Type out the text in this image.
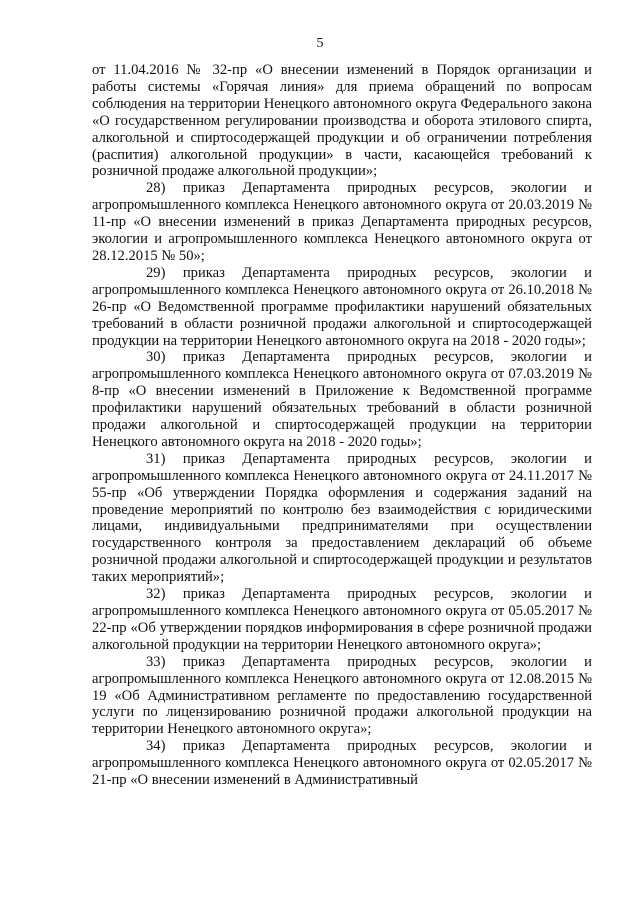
5

от 11.04.2016 № 32-пр «О внесении изменений в Порядок организации и работы системы «Горячая линия» для приема обращений по вопросам соблюдения на территории Ненецкого автономного округа Федерального закона «О государственном регулировании производства и оборота этилового спирта, алкогольной и спиртосодержащей продукции и об ограничении потребления (распития) алкогольной продукции» в части, касающейся требований к розничной продаже алкогольной продукции»;

28) приказ Департамента природных ресурсов, экологии и агропромышленного комплекса Ненецкого автономного округа от 20.03.2019 № 11-пр «О внесении изменений в приказ Департамента природных ресурсов, экологии и агропромышленного комплекса Ненецкого автономного округа от 28.12.2015 № 50»;

29) приказ Департамента природных ресурсов, экологии и агропромышленного комплекса Ненецкого автономного округа от 26.10.2018 № 26-пр «О Ведомственной программе профилактики нарушений обязательных требований в области розничной продажи алкогольной и спиртосодержащей продукции на территории Ненецкого автономного округа на 2018 - 2020 годы»;

30) приказ Департамента природных ресурсов, экологии и агропромышленного комплекса Ненецкого автономного округа от 07.03.2019 № 8-пр «О внесении изменений в Приложение к Ведомственной программе профилактики нарушений обязательных требований в области розничной продажи алкогольной и спиртосодержащей продукции на территории Ненецкого автономного округа на 2018 - 2020 годы»;

31) приказ Департамента природных ресурсов, экологии и агропромышленного комплекса Ненецкого автономного округа от 24.11.2017 № 55-пр «Об утверждении Порядка оформления и содержания заданий на проведение мероприятий по контролю без взаимодействия с юридическими лицами, индивидуальными предпринимателями при осуществлении государственного контроля за предоставлением деклараций об объеме розничной продажи алкогольной и спиртосодержащей продукции и результатов таких мероприятий»;

32) приказ Департамента природных ресурсов, экологии и агропромышленного комплекса Ненецкого автономного округа от 05.05.2017 № 22-пр «Об утверждении порядков информирования в сфере розничной продажи алкогольной продукции на территории Ненецкого автономного округа»;

33) приказ Департамента природных ресурсов, экологии и агропромышленного комплекса Ненецкого автономного округа от 12.08.2015 № 19 «Об Административном регламенте по предоставлению государственной услуги по лицензированию розничной продажи алкогольной продукции на территории Ненецкого автономного округа»;

34) приказ Департамента природных ресурсов, экологии и агропромышленного комплекса Ненецкого автономного округа от 02.05.2017 № 21-пр «О внесении изменений в Административный
